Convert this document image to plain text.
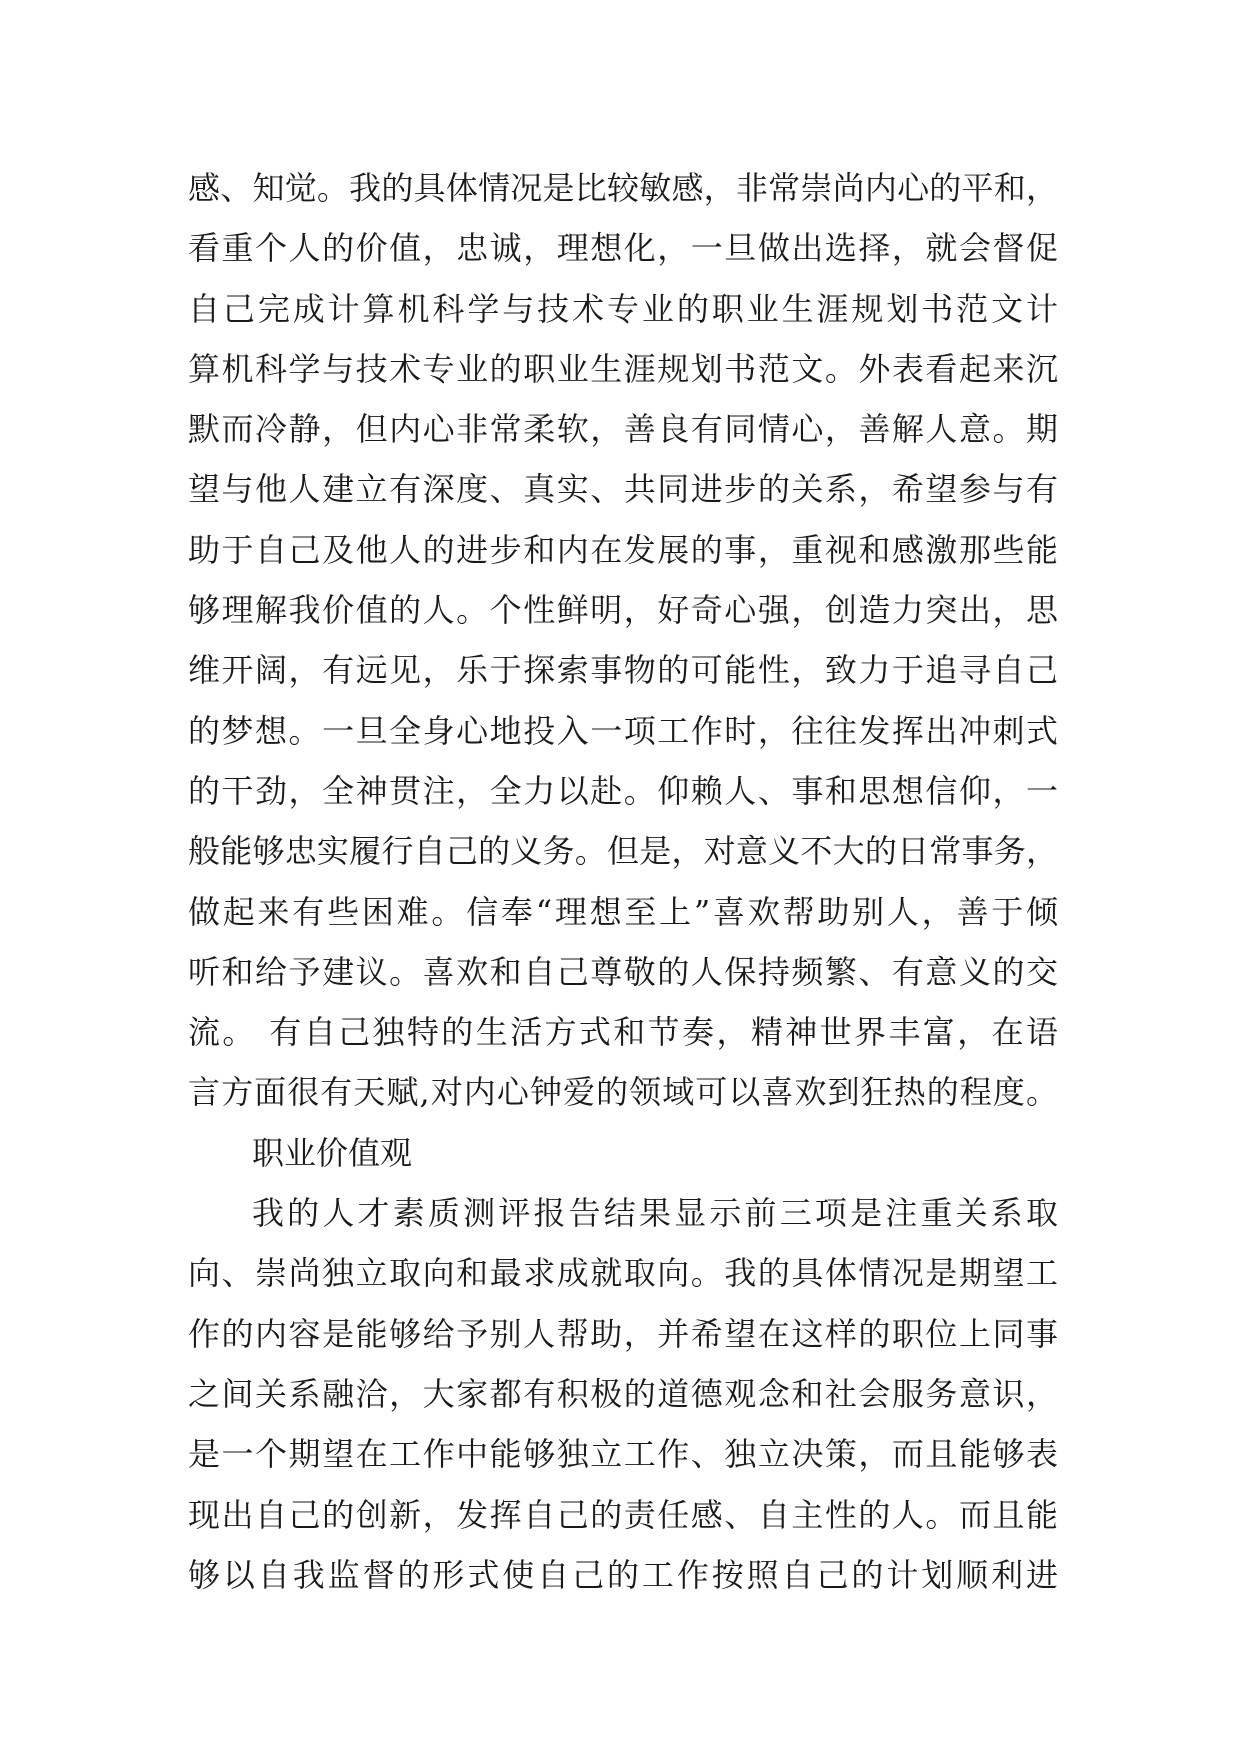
感、知觉。我的具体情况是比较敏感，非常崇尚内心的平和，
看重个人的价值，忠诚，理想化，一旦做出选择，就会督促
自己完成计算机科学与技术专业的职业生涯规划书范文计
算机科学与技术专业的职业生涯规划书范文。外表看起来沉
默而冷静，但内心非常柔软，善良有同情心，善解人意。期
望与他人建立有深度、真实、共同进步的关系，希望参与有
助于自己及他人的进步和内在发展的事，重视和感激那些能
够理解我价值的人。个性鲜明，好奇心强，创造力突出，思
维开阔，有远见，乐于探索事物的可能性，致力于追寻自己
的梦想。一旦全身心地投入一项工作时，往往发挥出冲刺式
的干劲，全神贯注，全力以赴。仰赖人、事和思想信仰，一
般能够忠实履行自己的义务。但是，对意义不大的日常事务，
做起来有些困难。信奉“理想至上”喜欢帮助别人，善于倾
听和给予建议。喜欢和自己尊敬的人保持频繁、有意义的交
流。 有自己独特的生活方式和节奏，精神世界丰富，在语
言方面很有天赋,对内心钟爱的领域可以喜欢到狂热的程度。
职业价值观
我的人才素质测评报告结果显示前三项是注重关系取
向、崇尚独立取向和最求成就取向。我的具体情况是期望工
作的内容是能够给予别人帮助，并希望在这样的职位上同事
之间关系融洽，大家都有积极的道德观念和社会服务意识，
是一个期望在工作中能够独立工作、独立决策，而且能够表
现出自己的创新，发挥自己的责任感、自主性的人。而且能
够以自我监督的形式使自己的工作按照自己的计划顺利进
